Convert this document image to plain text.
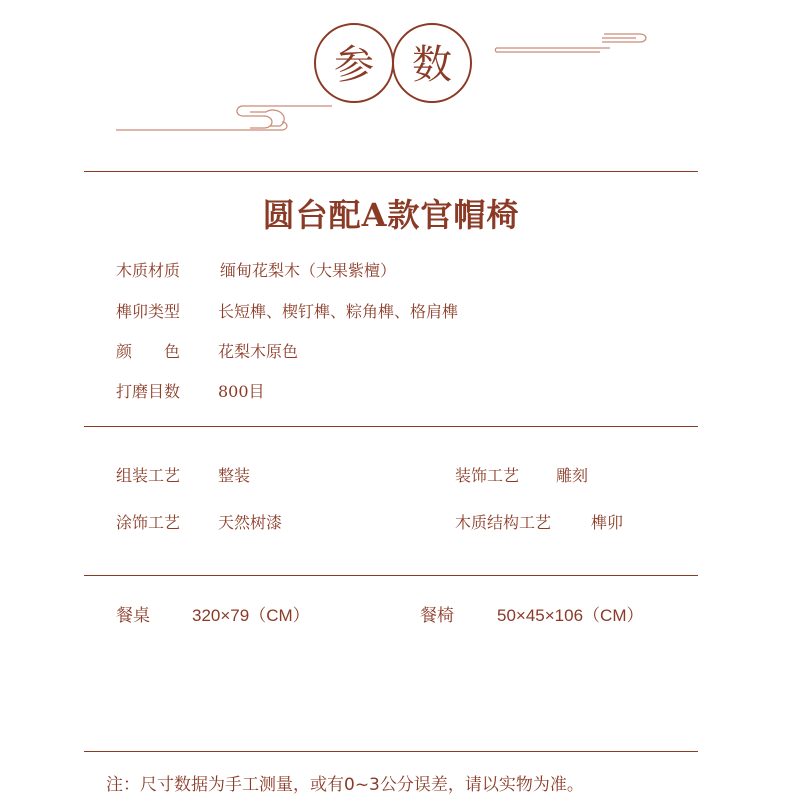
参 数
圆台配A款官帽椅
木质材质 缅甸花梨木（大果紫檀）
榫卯类型 长短榫、楔钉榫、粽角榫、格肩榫
颜　　色 花梨木原色
打磨目数 800目
组装工艺 整装
涂饰工艺 天然树漆
装饰工艺 雕刻
木质结构工艺 榫卯
餐桌 320×79（CM）	餐椅	50×45×106（CM）
注：尺寸数据为手工测量，或有0~3公分误差，请以实物为准。
